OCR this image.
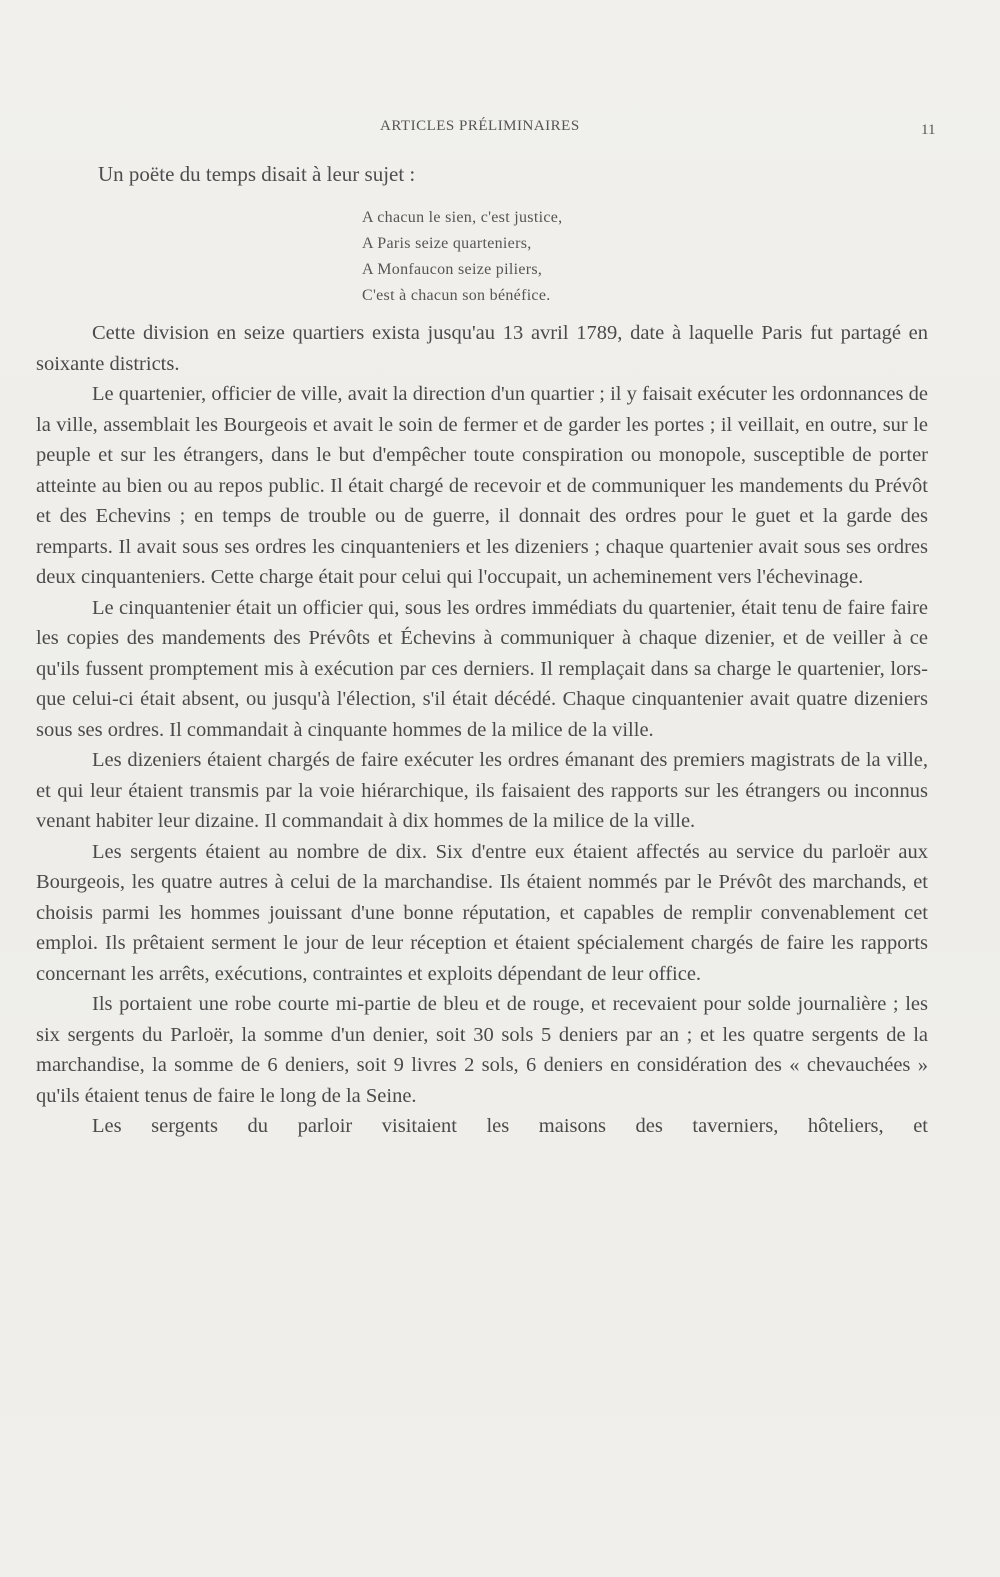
ARTICLES PRÉLIMINAIRES	11
Un poëte du temps disait à leur sujet :
A chacun le sien, c'est justice,
A Paris seize quarteniers,
A Monfaucon seize piliers,
C'est à chacun son bénéfice.

Cette division en seize quartiers exista jusqu'au 13 avril 1789, date à laquelle Paris fut partagé en soixante districts.

Le quartenier, officier de ville, avait la direction d'un quartier ; il y faisait exécuter les ordonnances de la ville, assemblait les Bourgeois et avait le soin de fermer et de garder les portes ; il veillait, en outre, sur le peuple et sur les étrangers, dans le but d'empêcher toute conspiration ou monopole, susceptible de porter atteinte au bien ou au repos public. Il était chargé de recevoir et de communiquer les mandements du Prévôt et des Echevins ; en temps de trouble ou de guerre, il donnait des ordres pour le guet et la garde des remparts. Il avait sous ses ordres les cinquanteniers et les dizeniers ; chaque quartenier avait sous ses ordres deux cinquanteniers. Cette charge était pour celui qui l'occupait, un acheminement vers l'échevinage.

Le cinquantenier était un officier qui, sous les ordres immédiats du quartenier, était tenu de faire faire les copies des mandements des Prévôts et Échevins à communiquer à chaque dizenier, et de veiller à ce qu'ils fussent promptement mis à exécution par ces derniers. Il remplaçait dans sa charge le quartenier, lorsque celui-ci était absent, ou jusqu'à l'élection, s'il était décédé. Chaque cinquantenier avait quatre dizeniers sous ses ordres. Il commandait à cinquante hommes de la milice de la ville.

Les dizeniers étaient chargés de faire exécuter les ordres émanant des premiers magistrats de la ville, et qui leur étaient transmis par la voie hiérarchique, ils faisaient des rapports sur les étrangers ou inconnus venant habiter leur dizaine. Il commandait à dix hommes de la milice de la ville.

Les sergents étaient au nombre de dix. Six d'entre eux étaient affectés au service du parloër aux Bourgeois, les quatre autres à celui de la marchandise. Ils étaient nommés par le Prévôt des marchands, et choisis parmi les hommes jouissant d'une bonne réputation, et capables de remplir convenablement cet emploi. Ils prêtaient serment le jour de leur réception et étaient spécialement chargés de faire les rapports concernant les arrêts, exécutions, contraintes et exploits dépendant de leur office.

Ils portaient une robe courte mi-partie de bleu et de rouge, et recevaient pour solde journalière ; les six sergents du Parloër, la somme d'un denier, soit 30 sols 5 deniers par an ; et les quatre sergents de la marchandise, la somme de 6 deniers, soit 9 livres 2 sols, 6 deniers en considération des « chevauchées » qu'ils étaient tenus de faire le long de la Seine.

Les sergents du parloir visitaient les maisons des taverniers, hôteliers, et
